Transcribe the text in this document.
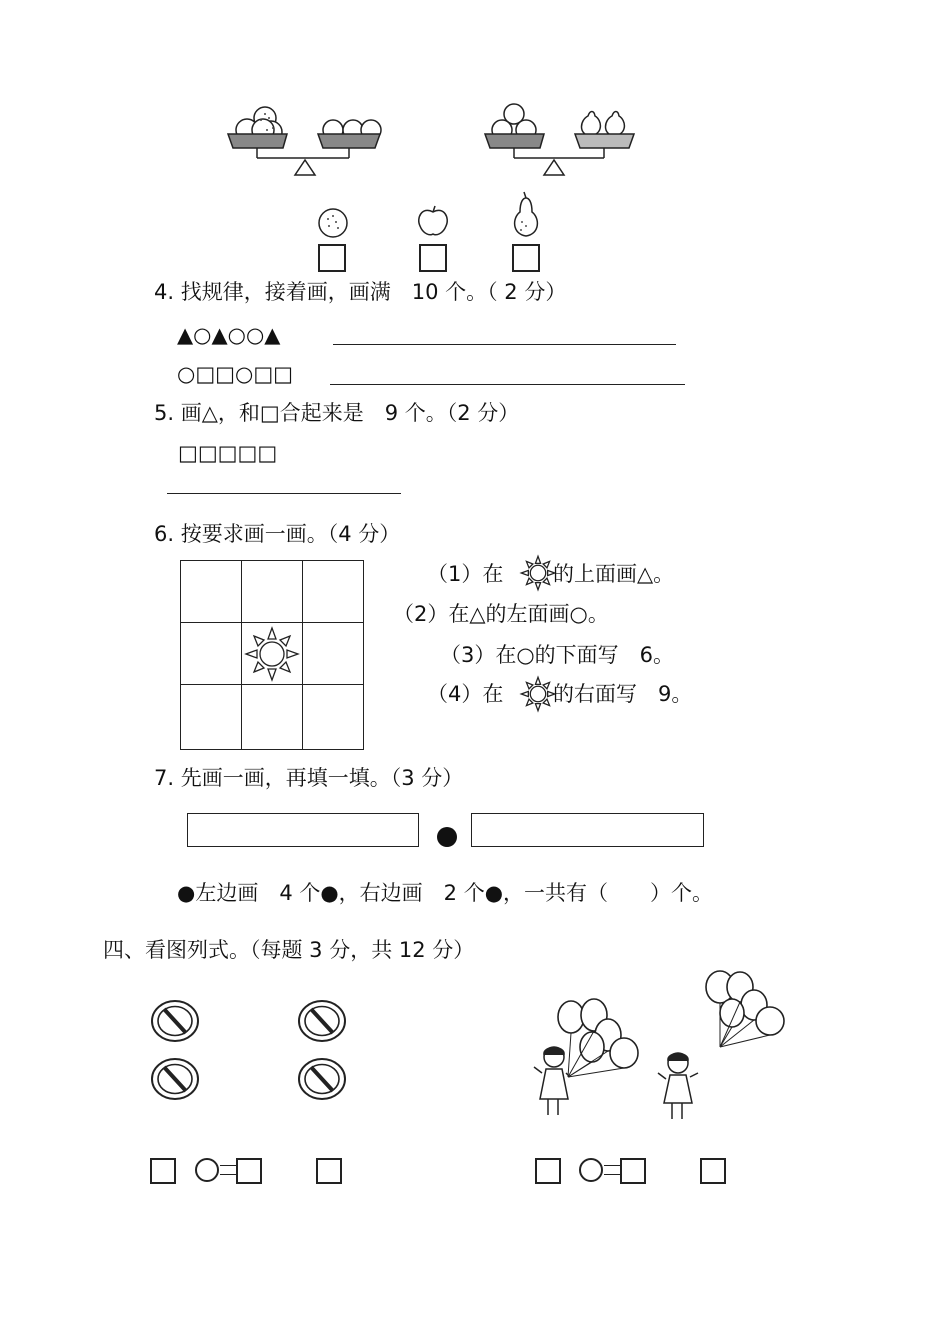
4. 找规律，接着画，画满　10 个。（ 2 分）
▲○▲○○▲
○□□○□□
5. 画△，和□合起来是　9 个。（2 分）
□□□□□
6. 按要求画一画。（4 分）
（1）在 的上面画△。
（2）在△的左面画○。
（3）在○的下面写　6。
（4）在 的右面写　9。
7. 先画一画，再填一填。（3 分）
●左边画　4 个●，右边画　2 个●，一共有（　　）个。
四、看图列式。（每题 3 分，共 12 分）
